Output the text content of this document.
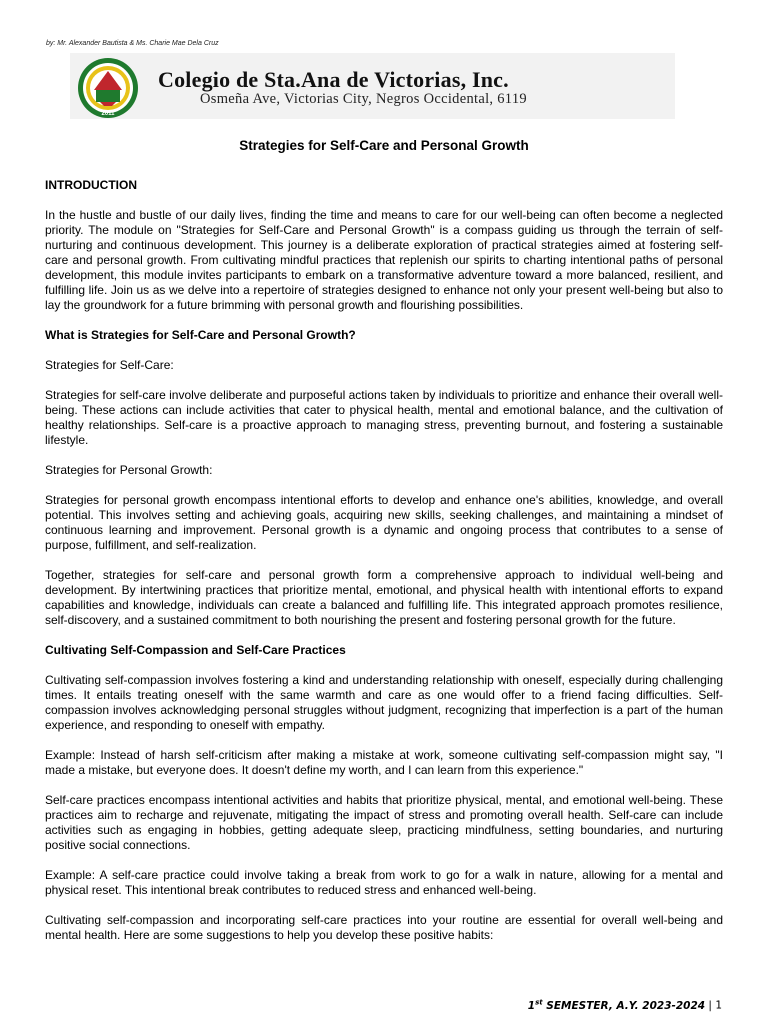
by: Mr. Alexander Bautista & Ms. Charie Mae Dela Cruz
2011
Colegio de Sta.Ana de Victorias, Inc.
Osmeña Ave, Victorias City, Negros Occidental, 6119
Strategies for Self-Care and Personal Growth
INTRODUCTION

In the hustle and bustle of our daily lives, finding the time and means to care for our well-being can often become a neglected priority. The module on "Strategies for Self-Care and Personal Growth" is a compass guiding us through the terrain of self-nurturing and continuous development. This journey is a deliberate exploration of practical strategies aimed at fostering self-care and personal growth. From cultivating mindful practices that replenish our spirits to charting intentional paths of personal development, this module invites participants to embark on a transformative adventure toward a more balanced, resilient, and fulfilling life. Join us as we delve into a repertoire of strategies designed to enhance not only your present well-being but also to lay the groundwork for a future brimming with personal growth and flourishing possibilities.

What is Strategies for Self-Care and Personal Growth?

Strategies for Self-Care:

Strategies for self-care involve deliberate and purposeful actions taken by individuals to prioritize and enhance their overall well-being. These actions can include activities that cater to physical health, mental and emotional balance, and the cultivation of healthy relationships. Self-care is a proactive approach to managing stress, preventing burnout, and fostering a sustainable lifestyle.

Strategies for Personal Growth:

Strategies for personal growth encompass intentional efforts to develop and enhance one's abilities, knowledge, and overall potential. This involves setting and achieving goals, acquiring new skills, seeking challenges, and maintaining a mindset of continuous learning and improvement. Personal growth is a dynamic and ongoing process that contributes to a sense of purpose, fulfillment, and self-realization.

Together, strategies for self-care and personal growth form a comprehensive approach to individual well-being and development. By intertwining practices that prioritize mental, emotional, and physical health with intentional efforts to expand capabilities and knowledge, individuals can create a balanced and fulfilling life. This integrated approach promotes resilience, self-discovery, and a sustained commitment to both nourishing the present and fostering personal growth for the future.

Cultivating Self-Compassion and Self-Care Practices

Cultivating self-compassion involves fostering a kind and understanding relationship with oneself, especially during challenging times. It entails treating oneself with the same warmth and care as one would offer to a friend facing difficulties. Self-compassion involves acknowledging personal struggles without judgment, recognizing that imperfection is a part of the human experience, and responding to oneself with empathy.

Example: Instead of harsh self-criticism after making a mistake at work, someone cultivating self-compassion might say, "I made a mistake, but everyone does. It doesn't define my worth, and I can learn from this experience."

Self-care practices encompass intentional activities and habits that prioritize physical, mental, and emotional well-being. These practices aim to recharge and rejuvenate, mitigating the impact of stress and promoting overall health. Self-care can include activities such as engaging in hobbies, getting adequate sleep, practicing mindfulness, setting boundaries, and nurturing positive social connections.

Example: A self-care practice could involve taking a break from work to go for a walk in nature, allowing for a mental and physical reset. This intentional break contributes to reduced stress and enhanced well-being.

Cultivating self-compassion and incorporating self-care practices into your routine are essential for overall well-being and mental health. Here are some suggestions to help you develop these positive habits:

1st SEMESTER, A.Y. 2023-2024 | 1
